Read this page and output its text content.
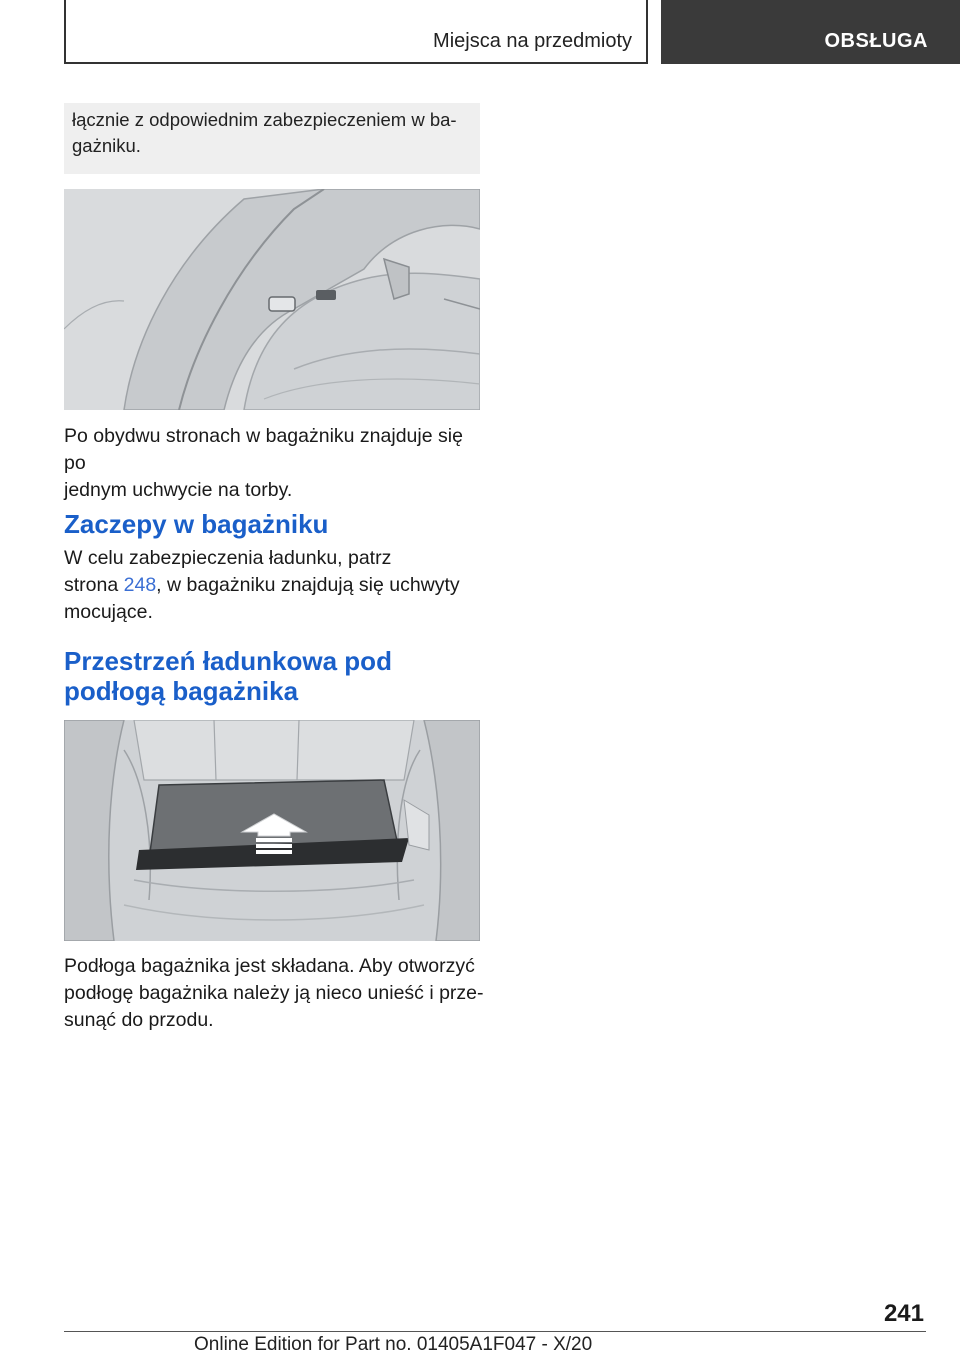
Miejsca na przedmioty	OBSŁUGA
łącznie z odpowiednim zabezpieczeniem w ba-
gażniku.
Po obydwu stronach w bagażniku znajduje się po
jednym uchwycie na torby.
Zaczepy w bagażniku
W celu zabezpieczenia ładunku, patrz
strona 248, w bagażniku znajdują się uchwyty
mocujące.
Przestrzeń ładunkowa pod
podłogą bagażnika
Podłoga bagażnika jest składana. Aby otworzyć
podłogę bagażnika należy ją nieco unieść i prze-
sunąć do przodu.
241
Online Edition for Part no. 01405A1F047 - X/20
